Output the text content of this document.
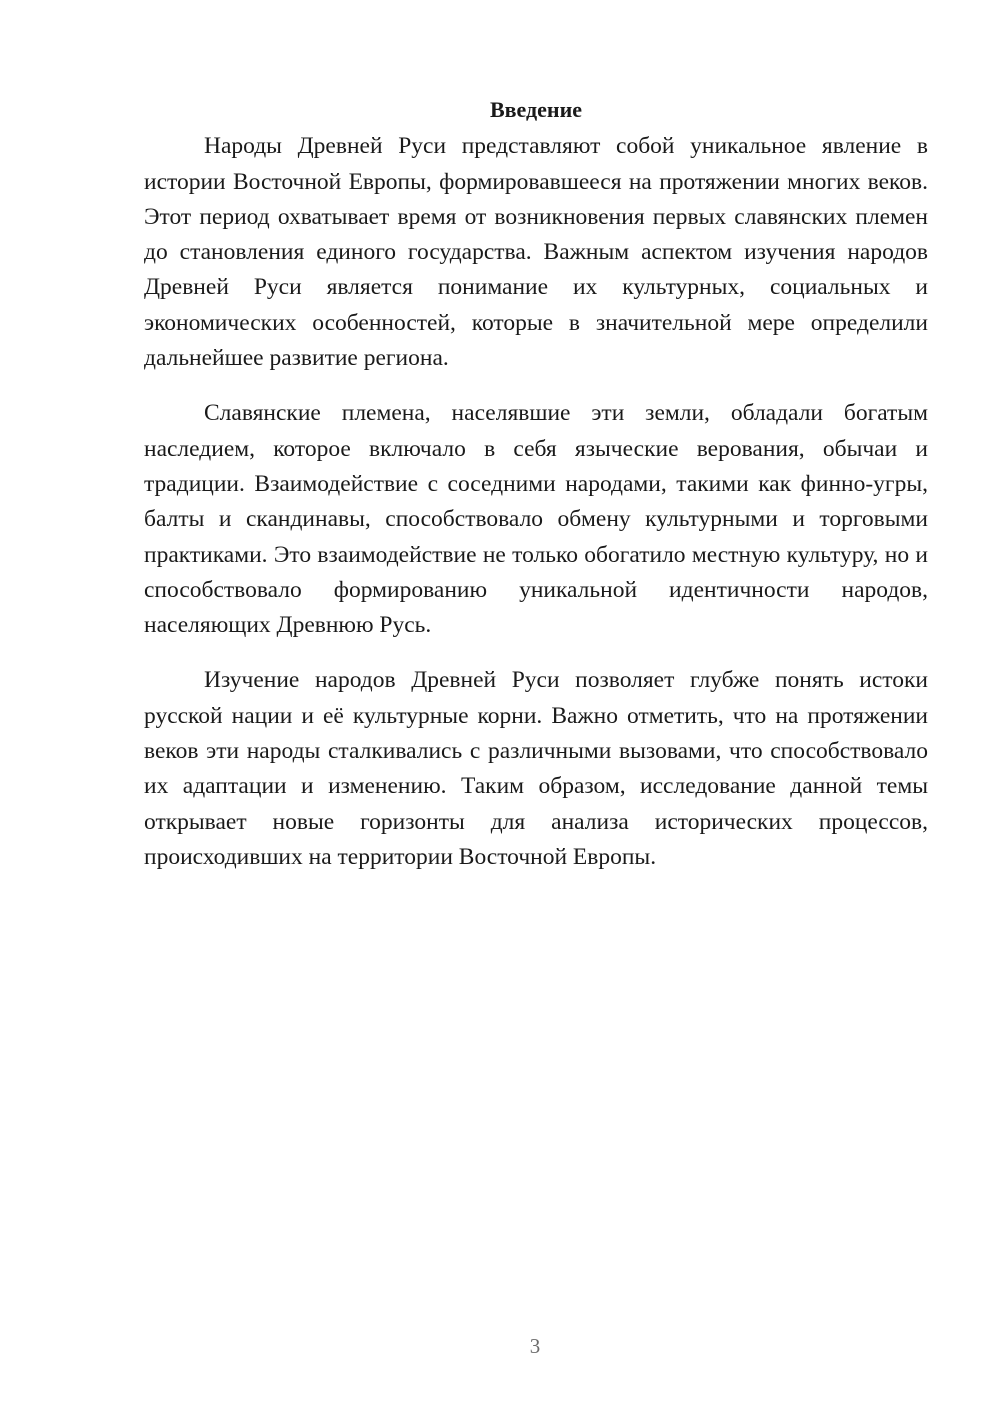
Введение

Народы Древней Руси представляют собой уникальное явление в истории Восточной Европы, формировавшееся на протяжении многих веков. Этот период охватывает время от возникновения первых славянских племен до становления единого государства. Важным аспектом изучения народов Древней Руси является понимание их культурных, социальных и экономических особенностей, которые в значительной мере определили дальнейшее развитие региона.

Славянские племена, населявшие эти земли, обладали богатым наследием, которое включало в себя языческие верования, обычаи и традиции. Взаимодействие с соседними народами, такими как финно-угры, балты и скандинавы, способствовало обмену культурными и торговыми практиками. Это взаимодействие не только обогатило местную культуру, но и способствовало формированию уникальной идентичности народов, населяющих Древнюю Русь.

Изучение народов Древней Руси позволяет глубже понять истоки русской нации и её культурные корни. Важно отметить, что на протяжении веков эти народы сталкивались с различными вызовами, что способствовало их адаптации и изменению. Таким образом, исследование данной темы открывает новые горизонты для анализа исторических процессов, происходивших на территории Восточной Европы.

3
